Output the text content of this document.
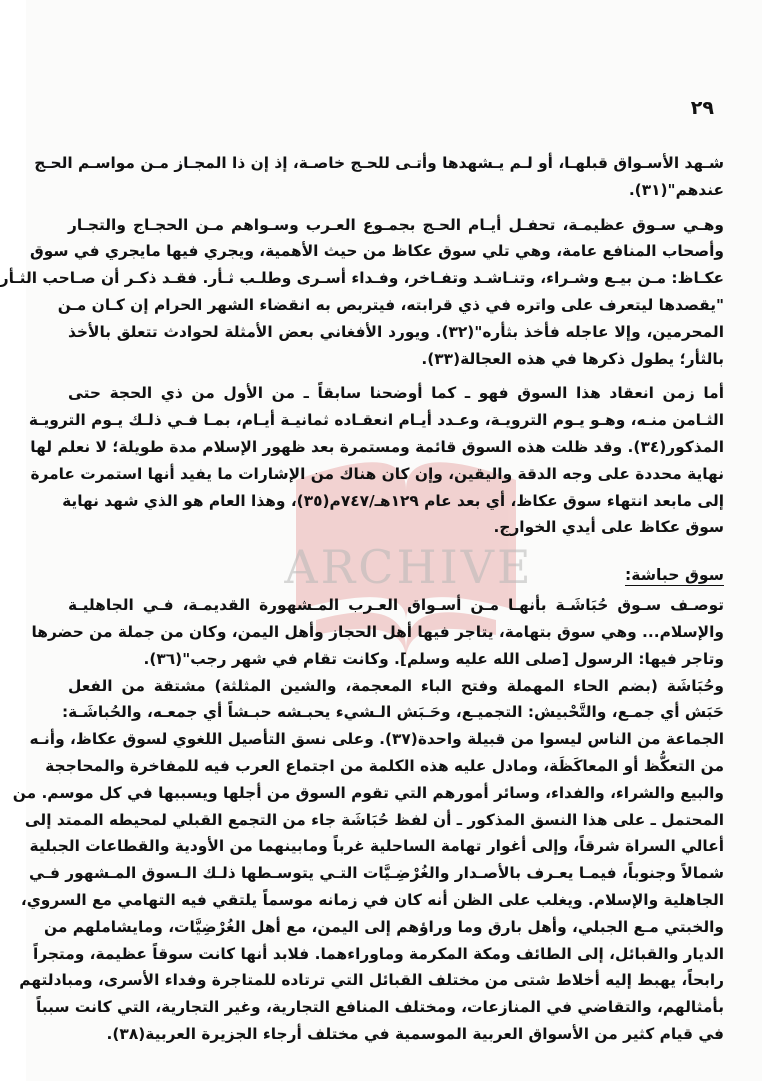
ARCHIVE
٢٩

شـهد الأسـواق قبلهـا، أو لـم يـشهدها وأتـى للحـج خاصـة، إذ إن ذا المجـاز مـن مواسـم الحـج
عندهم"(٣١).

وهـي سـوق عظيمـة، تحفـل أيـام الحـج بجمـوع العـرب وسـواهم مـن الحجـاج والتجـار
وأصحاب المنافع عامة، وهي تلي سوق عكاظ من حيث الأهمية، ويجري فيها مايجري في سوق
عكـاظ: مـن بيـع وشـراء، وتنـاشـد وتفـاخر، وفـداء أسـرى وطلـب ثـأر. فقـد ذكـر أن صـاحب الثـأر
"يقصدها ليتعرف على واتره في ذي قرابته، فيتربص به انقضاء الشهر الحرام إن كـان مـن
المحرمين، وإلا عاجله فأخذ بثأره"(٣٢). ويورد الأفغاني بعض الأمثلة لحوادث تتعلق بالأخذ
بالثأر؛ يطول ذكرها في هذه العجالة(٣٣).

أما زمن انعقاد هذا السوق فهو ـ كما أوضحنا سابقاً ـ من الأول من ذي الحجة حتى
الثـامن منـه، وهـو يـوم الترويـة، وعـدد أيـام انعقـاده ثمانيـة أيـام، بمـا فـي ذلـك يـوم الترويـة
المذكور(٣٤). وقد ظلت هذه السوق قائمة ومستمرة بعد ظهور الإسلام مدة طويلة؛ لا نعلم لها
نهاية محددة على وجه الدقة واليقين، وإن كان هناك من الإشارات ما يفيد أنها استمرت عامرة
إلى مابعد انتهاء سوق عكاظ، أي بعد عام ١٢٩هـ/٧٤٧م(٣٥)، وهذا العام هو الذي شهد نهاية
سوق عكاظ على أيدي الخوارج.

سوق حباشة:

توصـف سـوق حُبَاشَـة بأنهـا مـن أسـواق العـرب المـشهورة القديمـة، فـي الجاهليـة
والإسلام... وهي سوق بتهامة، يتاجر فيها أهل الحجاز وأهل اليمن، وكان من جملة من حضرها
وتاجر فيها: الرسول [صلى الله عليه وسلم]. وكانت تقام في شهر رجب"(٣٦).

وحُبَاشَة (بضم الحاء المهملة وفتح الباء المعجمة، والشين المثلثة) مشتقة من الفعل
حَبَش أي جمـع، والتَّحْبيش: التجميـع، وحَـبَش الـشيء يحبـشه حبـشاً أي جمعـه، والحُباشَـة:
الجماعة من الناس ليسوا من قبيلة واحدة(٣٧). وعلى نسق التأصيل اللغوي لسوق عكاظ، وأنـه
من التعكُّظ أو المعاكَظَة، ومادل عليه هذه الكلمة من اجتماع العرب فيه للمفاخرة والمحاججة
والبيع والشراء، والفداء، وسائر أمورهم التي تقوم السوق من أجلها ويسببها في كل موسم. من
المحتمل ـ على هذا النسق المذكور ـ أن لفظ حُبَاشَة جاء من التجمع القبلي لمحيطه الممتد إلى
أعالي السراة شرقاً، وإلى أغوار تهامة الساحلية غرباً ومابينهما من الأودية والقطاعات الجبلية
شمالاً وجنوباً، فيمـا يعـرف بالأصـدار والغُرْضِـيَّات التـي يتوسـطها ذلـك الـسوق المـشهور فـي
الجاهلية والإسلام. ويغلب على الظن أنه كان في زمانه موسماً يلتقي فيه التهامي مع السروي،
والخبتي مـع الجبلي، وأهل بارق وما وراؤهم إلى اليمن، مع أهل الغُرْضِيَّات، ومايشاملهم من
الديار والقبائل، إلى الطائف ومكة المكرمة وماوراءهما. فلابد أنها كانت سوقاً عظيمة، ومتجراً
رابحاً، يهبط إليه أخلاط شتى من مختلف القبائل التي ترتاده للمتاجرة وفداء الأسرى، ومبادلتهم
بأمثالهم، والتقاضي في المنازعات، ومختلف المنافع التجارية، وغير التجارية، التي كانت سبباً
في قيام كثير من الأسواق العربية الموسمية في مختلف أرجاء الجزيرة العربية(٣٨).
